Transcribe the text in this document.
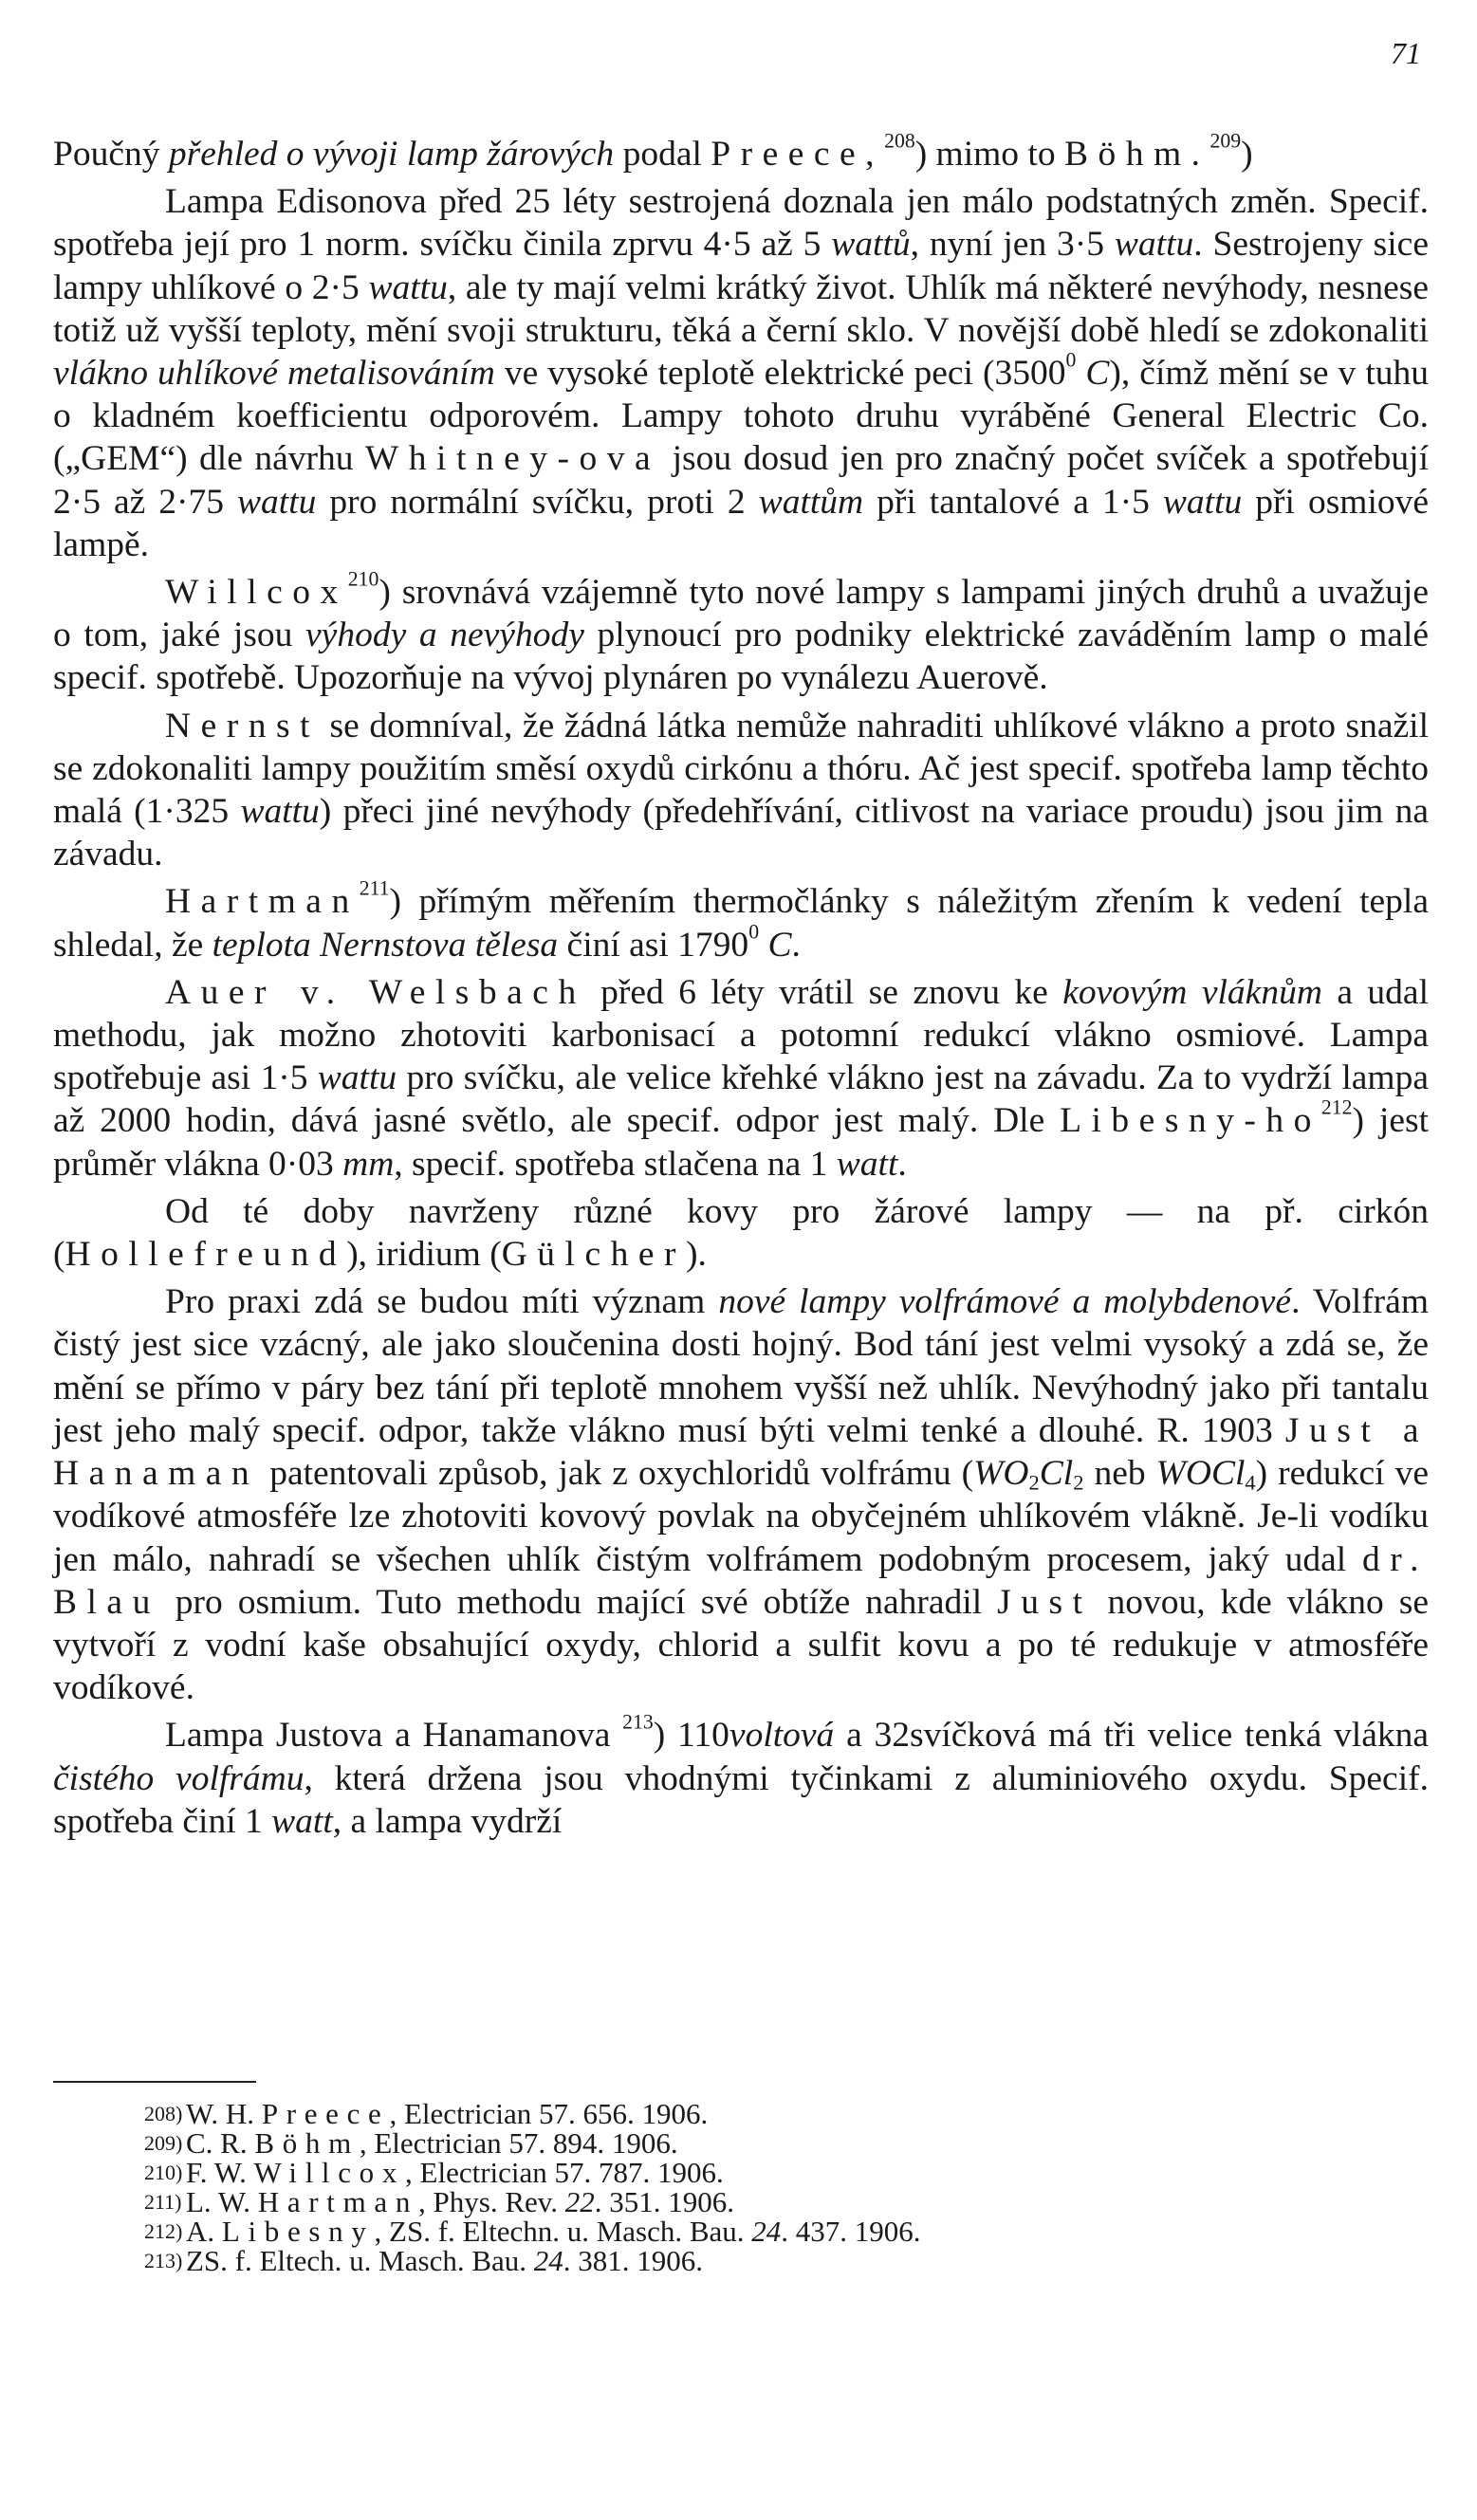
71

Poučný přehled o vývoji lamp žárových podal Preece,$^{208}$) mimo to Böhm.$^{209}$)

Lampa Edisonova před 25 léty sestrojená doznala jen málo podstatných změn. Specif. spotřeba její pro 1 norm. svíčku činila zprvu 4·5 až 5 wattů, nyní jen 3·5 wattu. Sestrojeny sice lampy uhlíkové o 2·5 wattu, ale ty mají velmi krátký život. Uhlík má některé nevýhody, nesnese totiž už vyšší teploty, mění svoji strukturu, těká a černí sklo. V novější době hledí se zdokonaliti vlákno uhlíkové metalisováním ve vysoké teplotě elektrické peci (3500$^0$ C), čímž mění se v tuhu o kladném koefficientu odporovém. Lampy tohoto druhu vyráběné General Electric Co. („GEM“) dle návrhu Whitney-ova jsou dosud jen pro značný počet svíček a spotřebují 2·5 až 2·75 wattu pro normální svíčku, proti 2 wattům při tantalové a 1·5 wattu při osmiové lampě.

Willcox$^{210}$) srovnává vzájemně tyto nové lampy s lampami jiných druhů a uvažuje o tom, jaké jsou výhody a nevýhody plynoucí pro podniky elektrické zaváděním lamp o malé specif. spotřebě. Upozorňuje na vývoj plynáren po vynálezu Auerově.

Nernst se domníval, že žádná látka nemůže nahraditi uhlíkové vlákno a proto snažil se zdokonaliti lampy použitím směsí oxydů cirkónu a thóru. Ač jest specif. spotřeba lamp těchto malá (1·325 wattu) přeci jiné nevýhody (předehřívání, citlivost na variace proudu) jsou jim na závadu.

Hartman$^{211}$) přímým měřením thermočlánky s náležitým zřením k vedení tepla shledal, že teplota Nernstova tělesa činí asi 1790$^0$ C.

Auer v. Welsbach před 6 léty vrátil se znovu ke kovovým vláknům a udal methodu, jak možno zhotoviti karbonisací a potomní redukcí vlákno osmiové. Lampa spotřebuje asi 1·5 wattu pro svíčku, ale velice křehké vlákno jest na závadu. Za to vydrží lampa až 2000 hodin, dává jasné světlo, ale specif. odpor jest malý. Dle Libesny-$ho^{212}$) jest průměr vlákna 0·03 mm, specif. spotřeba stlačena na 1 watt.

Od té doby navrženy různé kovy pro žárové lampy — na př. cirkón (Hollefreund), iridium (Gülcher).

Pro praxi zdá se budou míti význam nové lampy volfrámové a molybdenové. Volfrám čistý jest sice vzácný, ale jako sloučenina dosti hojný. Bod tání jest velmi vysoký a zdá se, že mění se přímo v páry bez tání při teplotě mnohem vyšší než uhlík. Nevýhodný jako při tantalu jest jeho malý specif. odpor, takže vlákno musí býti velmi tenké a dlouhé. R. 1903 Just a Hanaman patentovali způsob, jak z oxychloridů volfrámu ($WO_2Cl_2$ neb WOCl$_4$) redukcí ve vodíkové atmosféře lze zhotoviti kovový povlak na obyčejném uhlíkovém vlákně. Je-li vodíku jen málo, nahradí se všechen uhlík čistým volfrámem podobným procesem, jaký udal dr. Blau pro osmium. Tuto methodu mající své obtíže nahradil Just novou, kde vlákno se vytvoří z vodní kaše obsahující oxydy, chlorid a sulfit kovu a po té redukuje v atmosféře vodíkové.

Lampa Justova a Hanamanova $^{213}$) 110voltová a 32svíčková má tři velice tenká vlákna čistého volfrámu, která držena jsou vhodnými tyčinkami z aluminiového oxydu. Specif. spotřeba činí 1 watt, a lampa vydrží

208) W. H. Preece, Electrician 57. 656. 1906.

209) C. R. Böhm, Electrician 57. 894. 1906.

210) F. W. Willcox, Electrician 57. 787. 1906.

211) L. W. Hartman, Phys. Rev. 22. 351. 1906.

212) A. Libesny, ZS. f. Eltechn. u. Masch. Bau. 24. 437. 1906.

213) ZS. f. Eltech. u. Masch. Bau. 24. 381. 1906.
